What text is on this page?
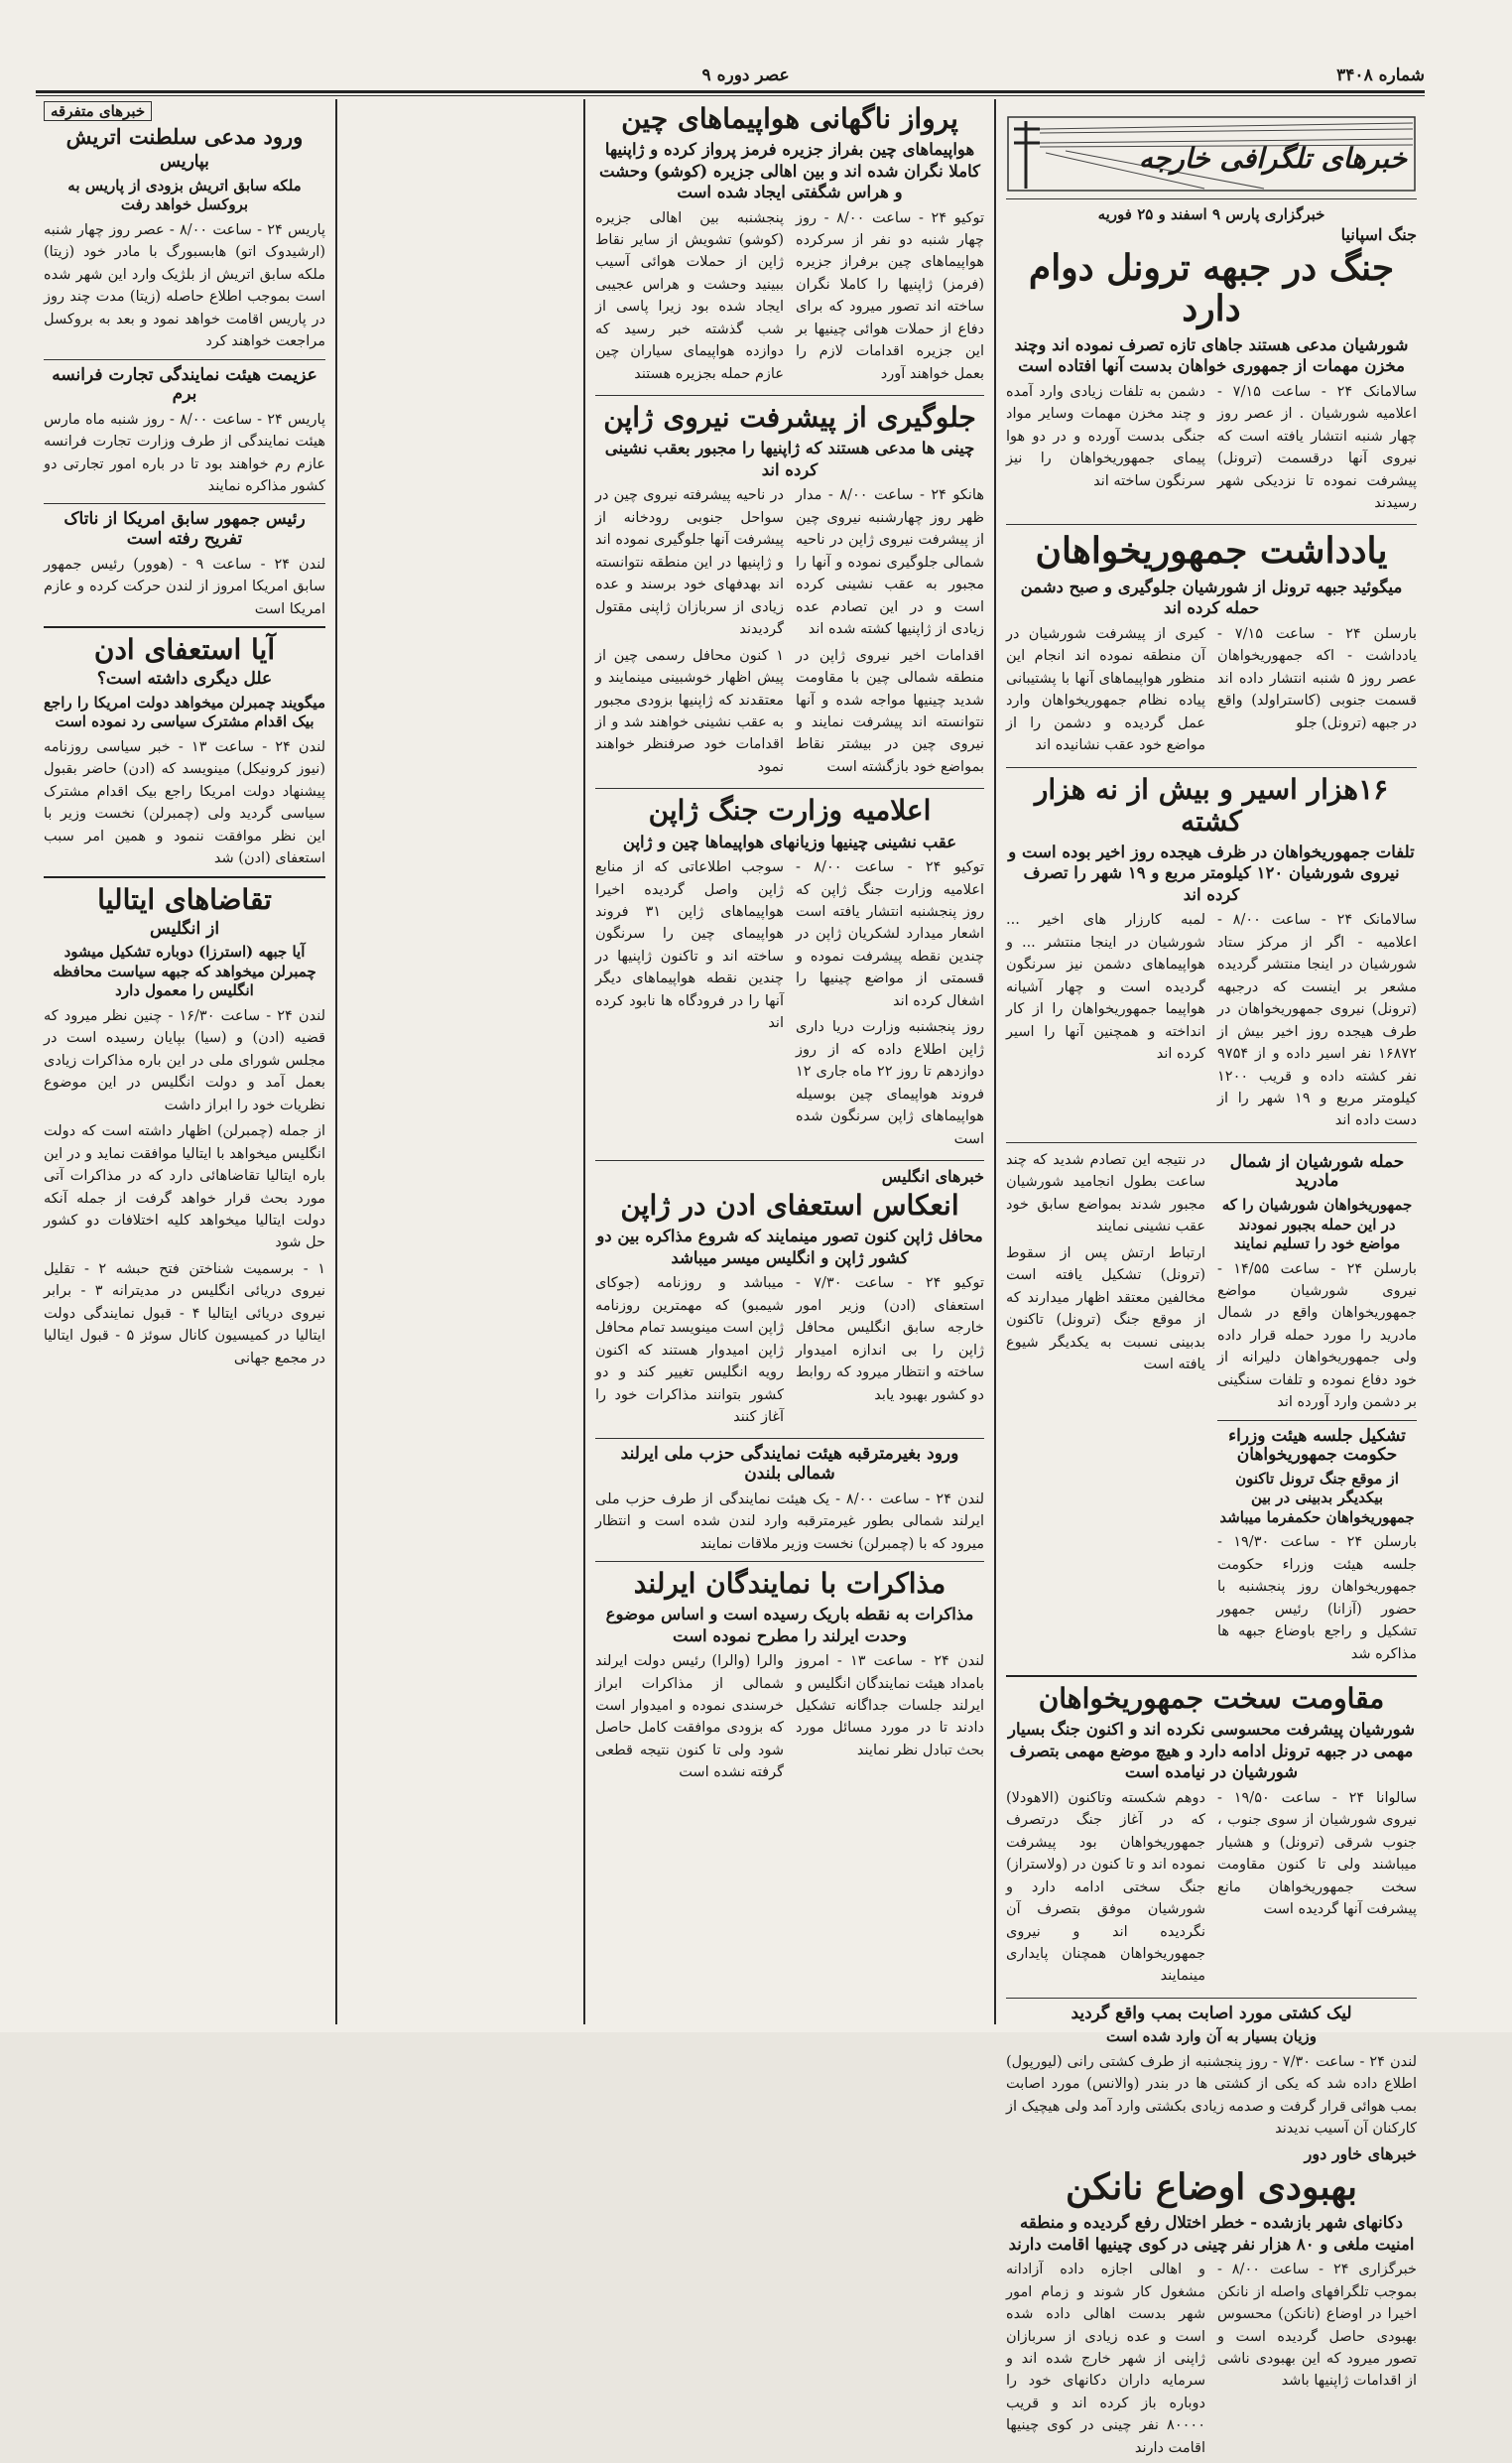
شماره ۳۴۰۸
عصر دوره ۹
خبرهای تلگرافی خارجه
خبرگزاری پارس ۹ اسفند و ۲۵ فوریه
جنگ اسپانیا
جنگ در جبهه ترونل دوام دارد
شورشیان مدعی هستند جاهای تازه تصرف نموده اند وچند مخزن مهمات از جمهوری خواهان بدست آنها افتاده است
سالامانک ۲۴ - ساعت ۷/۱۵ - اعلامیه شورشیان . از عصر روز چهار شنبه انتشار یافته است که نیروی آنها درقسمت (ترونل) پیشرفت نموده تا نزدیکی شهر رسیدند
دشمن به تلفات زیادی وارد آمده و چند مخزن مهمات وسایر مواد جنگی بدست آورده و در دو هوا پیمای جمهوریخواهان را نیز سرنگون ساخته اند
یادداشت جمهوریخواهان
میگوئید جبهه ترونل از شورشیان جلوگیری و صبح دشمن حمله کرده اند
بارسلن ۲۴ - ساعت ۷/۱۵ - یادداشت - اکه جمهوریخواهان عصر روز ۵ شنبه انتشار داده اند قسمت جنوبی (کاستراولد) واقع در جبهه (ترونل) جلو
کیری از پیشرفت شورشیان در آن منطقه نموده اند انجام این منظور هواپیماهای آنها با پشتیبانی پیاده نظام جمهوریخواهان وارد عمل گردیده و دشمن را از مواضع خود عقب نشانیده اند
۱۶هزار اسیر و بیش از نه هزار کشته
تلفات جمهوریخواهان در ظرف هیجده روز اخیر بوده است و نیروی شورشیان ۱۲۰ کیلومتر مربع و ۱۹ شهر را تصرف کرده اند
سالامانک ۲۴ - ساعت ۸/۰۰ - اعلامیه - اگر از مرکز ستاد شورشیان در اینجا منتشر گردیده مشعر بر اینست که درجبهه (ترونل) نیروی جمهوریخواهان در طرف هیجده روز اخیر بیش از ۱۶۸۷۲ نفر اسیر داده و از ۹۷۵۴ نفر کشته داده و قریب ۱۲۰۰ کیلومتر مربع و ۱۹ شهر را از دست داده اند
لمبه کارزار های اخیر ... شورشیان در اینجا منتشر ... و هواپیماهای دشمن نیز سرنگون گردیده است و چهار آشیانه هواپیما جمهوریخواهان را از کار انداخته و همچنین آنها را اسیر کرده اند
حمله شورشیان از شمال مادرید
جمهوریخواهان شورشیان را که در این حمله بجبور نمودند مواضع خود را تسلیم نمایند
بارسلن ۲۴ - ساعت ۱۴/۵۵ - نیروی شورشیان مواضع جمهوریخواهان واقع در شمال مادرید را مورد حمله قرار داده ولی جمهوریخواهان دلیرانه از خود دفاع نموده و تلفات سنگینی بر دشمن وارد آورده اند
تشکیل جلسه هیئت وزراء حکومت جمهوریخواهان
از موقع جنگ ترونل تاکنون بیکدیگر بدبینی در بین جمهوریخواهان حکمفرما میباشد
بارسلن ۲۴ - ساعت ۱۹/۳۰ - جلسه هیئت وزراء حکومت جمهوریخواهان روز پنجشنبه با حضور (آزانا) رئیس جمهور تشکیل و راجع باوضاع جبهه ها مذاکره شد
در نتیجه این تصادم شدید که چند ساعت بطول انجامید شورشیان مجبور شدند بمواضع سابق خود عقب نشینی نمایند
ارتباط ارتش پس از سقوط (ترونل) تشکیل یافته است مخالفین معتقد اظهار میدارند که از موقع جنگ (ترونل) تاکنون بدبینی نسبت به یکدیگر شیوع یافته است
مقاومت سخت جمهوریخواهان
شورشیان پیشرفت محسوسی نکرده اند و اکنون جنگ بسیار مهمی در جبهه ترونل ادامه دارد و هیچ موضع مهمی بتصرف شورشیان در نیامده است
سالوانا ۲۴ - ساعت ۱۹/۵۰ - نیروی شورشیان از سوی جنوب ، جنوب شرقی (ترونل) و هشیار میباشند ولی تا کنون مقاومت سخت جمهوریخواهان مانع پیشرفت آنها گردیده است
دوهم شکسته وتاکنون (الاهودلا) که در آغاز جنگ درتصرف جمهوریخواهان بود پیشرفت نموده اند و تا کنون در (ولاستراز) جنگ سختی ادامه دارد و شورشیان موفق بتصرف آن نگردیده اند و نیروی جمهوریخواهان همچنان پایداری مینمایند
لیک کشتی مورد اصابت بمب واقع گردید
وزیان بسیار به آن وارد شده است
لندن ۲۴ - ساعت ۷/۳۰ - روز پنجشنبه از طرف کشتی رانی (لیورپول) اطلاع داده شد که یکی از کشتی ها در بندر (والانس) مورد اصابت بمب هوائی قرار گرفت و صدمه زیادی بکشتی وارد آمد ولی هیچیک از کارکنان آن آسیب ندیدند
خبرهای خاور دور
بهبودی اوضاع نانکن
دکانهای شهر بازشده - خطر اختلال رفع گردیده و منطقه امنیت ملغی و ۸۰ هزار نفر چینی در کوی چینیها اقامت دارند
خبرگزاری ۲۴ - ساعت ۸/۰۰ - بموجب تلگرافهای واصله از نانکن اخیرا در اوضاع (نانکن) محسوس بهبودی حاصل گردیده است و تصور میرود که این بهبودی ناشی از اقدامات ژاپنیها باشد
و اهالی اجازه داده آزادانه مشغول کار شوند و زمام امور شهر بدست اهالی داده شده است و عده زیادی از سربازان ژاپنی از شهر خارج شده اند و سرمایه داران دکانهای خود را دوباره باز کرده اند و قریب ۸۰۰۰۰ نفر چینی در کوی چینیها اقامت دارند
پرواز ناگهانی هواپیماهای چین
هواپیماهای چین بفراز جزیره فرمز پرواز کرده و ژاپنیها کاملا نگران شده اند و بین اهالی جزیره (کوشو) وحشت و هراس شگفتی ایجاد شده است
توکیو ۲۴ - ساعت ۸/۰۰ - روز چهار شنبه دو نفر از سرکرده هواپیماهای چین برفراز جزیره (فرمز) ژاپنیها را کاملا نگران ساخته اند تصور میرود که برای دفاع از حملات هوائی چینیها بر این جزیره اقدامات لازم را بعمل خواهند آورد
پنجشنبه بین اهالی جزیره (کوشو) تشویش از سایر نقاط ژاپن از حملات هوائی آسیب ببینید وحشت و هراس عجیبی ایجاد شده بود زیرا پاسی از شب گذشته خبر رسید که دوازده هواپیمای سیاران چین عازم حمله بجزیره هستند
جلوگیری از پیشرفت نیروی ژاپن
چینی ها مدعی هستند که ژاپنیها را مجبور بعقب نشینی کرده اند
هانکو ۲۴ - ساعت ۸/۰۰ - مدار ظهر روز چهارشنبه نیروی چین از پیشرفت نیروی ژاپن در ناحیه شمالی جلوگیری نموده و آنها را مجبور به عقب نشینی کرده است و در این تصادم عده زیادی از ژاپنیها کشته شده اند
اقدامات اخیر نیروی ژاپن در منطقه شمالی چین با مقاومت شدید چینیها مواجه شده و آنها نتوانسته اند پیشرفت نمایند و نیروی چین در بیشتر نقاط بمواضع خود بازگشته است
در ناحیه پیشرفته نیروی چین در سواحل جنوبی رودخانه از پیشرفت آنها جلوگیری نموده اند و ژاپنیها در این منطقه نتوانسته اند بهدفهای خود برسند و عده زیادی از سربازان ژاپنی مقتول گردیدند
۱ کنون محافل رسمی چین از پیش اظهار خوشبینی مینمایند و معتقدند که ژاپنیها بزودی مجبور به عقب نشینی خواهند شد و از اقدامات خود صرفنظر خواهند نمود
اعلامیه وزارت جنگ ژاپن
عقب نشینی چینیها وزیانهای هواپیماها چین و ژاپن
توکیو ۲۴ - ساعت ۸/۰۰ - اعلامیه وزارت جنگ ژاپن که روز پنجشنبه انتشار یافته است اشعار میدارد لشکریان ژاپن در چندین نقطه پیشرفت نموده و قسمتی از مواضع چینیها را اشغال کرده اند
روز پنجشنبه وزارت دریا داری ژاپن اطلاع داده که از روز دوازدهم تا روز ۲۲ ماه جاری ۱۲ فروند هواپیمای چین بوسیله هواپیماهای ژاپن سرنگون شده است
سوجب اطلاعاتی که از منابع ژاپن واصل گردیده اخیرا هواپیماهای ژاپن ۳۱ فروند هواپیمای چین را سرنگون ساخته اند و تاکنون ژاپنیها در چندین نقطه هواپیماهای دیگر آنها را در فرودگاه ها نابود کرده اند
خبرهای انگلیس
انعکاس استعفای ادن در ژاپن
محافل ژاپن کنون تصور مینمایند که شروع مذاکره بین دو کشور ژاپن و انگلیس میسر میباشد
توکیو ۲۴ - ساعت ۷/۳۰ - استعفای (ادن) وزیر امور خارجه سابق انگلیس محافل ژاپن را بی اندازه امیدوار ساخته و انتظار میرود که روابط دو کشور بهبود یابد
میباشد و روزنامه (جوکای شیمبو) که مهمترین روزنامه ژاپن است مینویسد تمام محافل ژاپن امیدوار هستند که اکنون رویه انگلیس تغییر کند و دو کشور بتوانند مذاکرات خود را آغاز کنند
ورود بغیرمترقبه هیئت نمایندگی حزب ملی ایرلند شمالی بلندن
لندن ۲۴ - ساعت ۸/۰۰ - یک هیئت نمایندگی از طرف حزب ملی ایرلند شمالی بطور غیرمترقبه وارد لندن شده است و انتظار میرود که با (چمبرلن) نخست وزیر ملاقات نمایند
مذاکرات با نمایندگان ایرلند
مذاکرات به نقطه باریک رسیده است و اساس موضوع وحدت ایرلند را مطرح نموده است
لندن ۲۴ - ساعت ۱۳ - امروز بامداد هیئت نمایندگان انگلیس و ایرلند جلسات جداگانه تشکیل دادند تا در مورد مسائل مورد بحث تبادل نظر نمایند
والرا (والرا) رئیس دولت ایرلند شمالی از مذاکرات ابراز خرسندی نموده و امیدوار است که بزودی موافقت کامل حاصل شود ولی تا کنون نتیجه قطعی گرفته نشده است
خبرهای متفرقه
ورود مدعی سلطنت اتریش
بپاریس
ملکه سابق اتریش بزودی از پاریس به بروکسل خواهد رفت
پاریس ۲۴ - ساعت ۸/۰۰ - عصر روز چهار شنبه (ارشیدوک اتو) هابسبورگ با مادر خود (زیتا) ملکه سابق اتریش از بلژیک وارد این شهر شده است بموجب اطلاع حاصله (زیتا) مدت چند روز در پاریس اقامت خواهد نمود و بعد به بروکسل مراجعت خواهند کرد
عزیمت هیئت نمایندگی تجارت فرانسه برم
پاریس ۲۴ - ساعت ۸/۰۰ - روز شنبه ماه مارس هیئت نمایندگی از طرف وزارت تجارت فرانسه عازم رم خواهند بود تا در باره امور تجارتی دو کشور مذاکره نمایند
رئیس جمهور سابق امریکا از ناتاک تفریح رفته است
لندن ۲۴ - ساعت ۹ - (هوور) رئیس جمهور سابق امریکا امروز از لندن حرکت کرده و عازم امریکا است
آیا استعفای ادن
علل دیگری داشته است؟
میگویند چمبرلن میخواهد دولت امریکا را راجع بیک اقدام مشترک سیاسی رد نموده است
لندن ۲۴ - ساعت ۱۳ - خبر سیاسی روزنامه (نیوز کرونیکل) مینویسد که (ادن) حاضر بقبول پیشنهاد دولت امریکا راجع بیک اقدام مشترک سیاسی گردید ولی (چمبرلن) نخست وزیر با این نظر موافقت ننمود و همین امر سبب استعفای (ادن) شد
تقاضاهای ایتالیا
از انگلیس
آیا جبهه (استرزا) دوباره تشکیل میشود چمبرلن میخواهد که جبهه سیاست محافظه انگلیس را معمول دارد
لندن ۲۴ - ساعت ۱۶/۳۰ - چنین نظر میرود که قضیه (ادن) و (سیا) بپایان رسیده است در مجلس شورای ملی در این باره مذاکرات زیادی بعمل آمد و دولت انگلیس در این موضوع نظریات خود را ابراز داشت
از جمله (چمبرلن) اظهار داشته است که دولت انگلیس میخواهد با ایتالیا موافقت نماید و در این باره ایتالیا تقاضاهائی دارد که در مذاکرات آتی مورد بحث قرار خواهد گرفت از جمله آنکه دولت ایتالیا میخواهد کلیه اختلافات دو کشور حل شود
۱ - برسمیت شناختن فتح حبشه ۲ - تقلیل نیروی دریائی انگلیس در مدیترانه ۳ - برابر نیروی دریائی ایتالیا ۴ - قبول نمایندگی دولت ایتالیا در کمیسیون کانال سوئز ۵ - قبول ایتالیا در مجمع جهانی
